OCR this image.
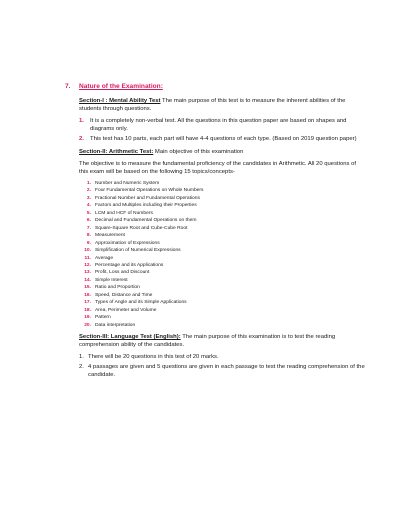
7.	Nature of the Examination:

Section-I : Mental Ability Test The main purpose of this test is to measure the inherent abilities of the students through questions.

1.	It is a completely non-verbal test. All the questions in this question paper are based on shapes and diagrams only.
2.	This test has 10 parts, each part will have 4-4 questions of each type. (Based on 2019 question paper)

Section-II: Arithmetic Test: Main objective of this examination

The objective is to measure the fundamental proficiency of the candidates in Arithmetic. All 20 questions of this exam will be based on the following 15 topics/concepts-

1. Number and Numeric System
2. Four Fundamental Operations on Whole Numbers
3. Fractional Number and Fundamental Operations
4. Factors and Multiples including their Properties
5. LCM and HCF of Numbers
6. Decimal and Fundamental Operations on them
7. Square-Square Root and Cube-Cube Root
8. Measurement
9. Approximation of Expressions
10. Simplification of Numerical Expressions
11. Average
12. Percentage and its Applications
13. Profit, Loss and Discount
14. Simple Interest
15. Ratio and Proportion
16. Speed, Distance and Time
17. Types of Angle and its Simple Applications
18. Area, Perimeter and Volume
19. Pattern
20. Data interpretation

Section-III: Language Test (English): The main purpose of this examination is to test the reading comprehension ability of the candidates.

1. There will be 20 questions in this test of 20 marks.
2. 4 passages are given and 5 questions are given in each passage to test the reading comprehension of the candidate.
